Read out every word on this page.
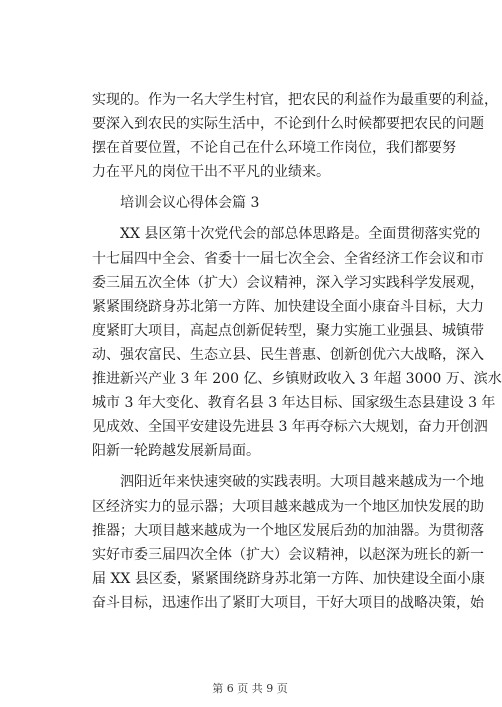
实现的。作为一名大学生村官，把农民的利益作为最重要的利益，
要深入到农民的实际生活中，不论到什么时候都要把农民的问题
摆在首要位置，不论自己在什么环境工作岗位，我们都要努
力在平凡的岗位干出不平凡的业绩来。
　　培训会议心得体会篇 3
　　XX 县区第十次党代会的部总体思路是。全面贯彻落实党的
十七届四中全会、省委十一届七次全会、全省经济工作会议和市
委三届五次全体（扩大）会议精神，深入学习实践科学发展观，
紧紧围绕跻身苏北第一方阵、加快建设全面小康奋斗目标，大力
度紧盯大项目，高起点创新促转型，聚力实施工业强县、城镇带
动、强农富民、生态立县、民生普惠、创新创优六大战略，深入
推进新兴产业 3 年 200 亿、乡镇财政收入 3 年超 3000 万、滨水
城市 3 年大变化、教育名县 3 年达目标、国家级生态县建设 3 年
见成效、全国平安建设先进县 3 年再夺标六大规划，奋力开创泗
阳新一轮跨越发展新局面。
　　泗阳近年来快速突破的实践表明。大项目越来越成为一个地
区经济实力的显示器；大项目越来越成为一个地区加快发展的助
推器；大项目越来越成为一个地区发展后劲的加油器。为贯彻落
实好市委三届四次全体（扩大）会议精神，以赵深为班长的新一
届 XX 县区委，紧紧围绕跻身苏北第一方阵、加快建设全面小康
奋斗目标，迅速作出了紧盯大项目，干好大项目的战略决策，始
第 6 页 共 9 页
